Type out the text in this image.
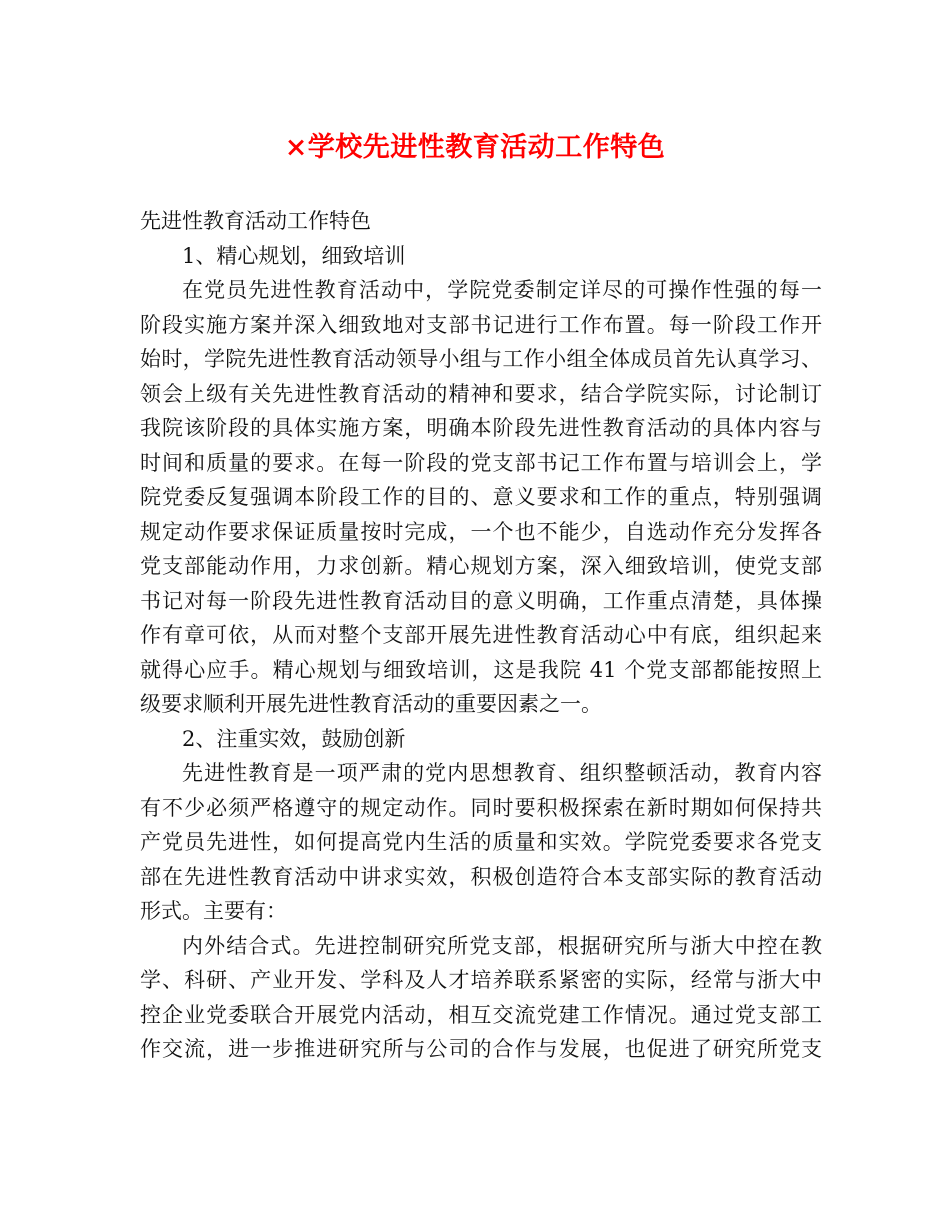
×学校先进性教育活动工作特色
先进性教育活动工作特色
1、精心规划，细致培训
在党员先进性教育活动中，学院党委制定详尽的可操作性强的每一
阶段实施方案并深入细致地对支部书记进行工作布置。每一阶段工作开
始时，学院先进性教育活动领导小组与工作小组全体成员首先认真学习、
领会上级有关先进性教育活动的精神和要求，结合学院实际，讨论制订
我院该阶段的具体实施方案，明确本阶段先进性教育活动的具体内容与
时间和质量的要求。在每一阶段的党支部书记工作布置与培训会上，学
院党委反复强调本阶段工作的目的、意义要求和工作的重点，特别强调
规定动作要求保证质量按时完成，一个也不能少，自选动作充分发挥各
党支部能动作用，力求创新。精心规划方案，深入细致培训，使党支部
书记对每一阶段先进性教育活动目的意义明确，工作重点清楚，具体操
作有章可依，从而对整个支部开展先进性教育活动心中有底，组织起来
就得心应手。精心规划与细致培训，这是我院 41 个党支部都能按照上
级要求顺利开展先进性教育活动的重要因素之一。
2、注重实效，鼓励创新
先进性教育是一项严肃的党内思想教育、组织整顿活动，教育内容
有不少必须严格遵守的规定动作。同时要积极探索在新时期如何保持共
产党员先进性，如何提高党内生活的质量和实效。学院党委要求各党支
部在先进性教育活动中讲求实效，积极创造符合本支部实际的教育活动
形式。主要有：
内外结合式。先进控制研究所党支部，根据研究所与浙大中控在教
学、科研、产业开发、学科及人才培养联系紧密的实际，经常与浙大中
控企业党委联合开展党内活动，相互交流党建工作情况。通过党支部工
作交流，进一步推进研究所与公司的合作与发展，也促进了研究所党支
